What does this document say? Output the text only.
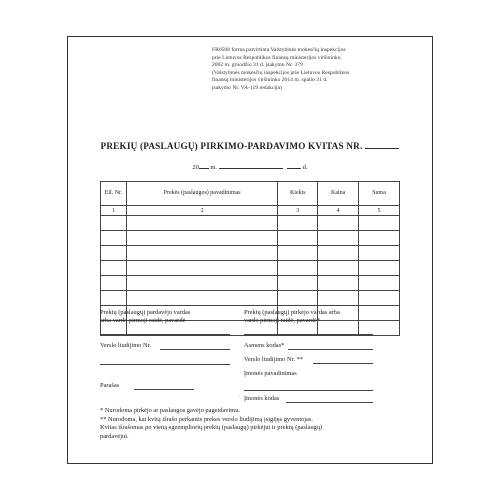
FR0508 forma patvirtinta Valstybinės mokesčių inspekcijos
prie Lietuvos Respublikos finansų ministerijos viršininko
2002 m. gruodžio 31 d. įsakymu Nr. 379
(Valstybinės mokesčių inspekcijos prie Lietuvos Respublikos
finansų ministerijos viršininko 2014 m. spalio 31 d.
įsakymo Nr. VA-119 redakcija)
PREKIŲ (PASLAUGŲ) PIRKIMO-PARDAVIMO KVITAS NR.
20 m.	d.
Eil. Nr.	Prekės (paslaugos) pavadinimas	Kiekis	Kaina	Suma
1	2	3	4	5

Prekių (paslaugų) pardavėjo vardas
arba vardo pirmoji raidė, pavardė
Verslo liudijimo Nr.
Parašas
Prekių (paslaugų) pirkėjo vardas arba
vardo pirmoji raidė, pavardė*
Asmens kodas*
Verslo liudijimo Nr. **
Įmonės pavadinimas
· Įmonės kodas
* Nurodoma pirkėjo ar paslaugos gavėjo pageidavimu.
** Nurodoma, kai kvitą išrašo perkantis prekes verslo liudijimą įsigijęs gyventojas.
Kvitas išrašomas po vieną egzempliorių prekių (paslaugų) pirkėjui ir prekių (paslaugų)
pardavėjui.
